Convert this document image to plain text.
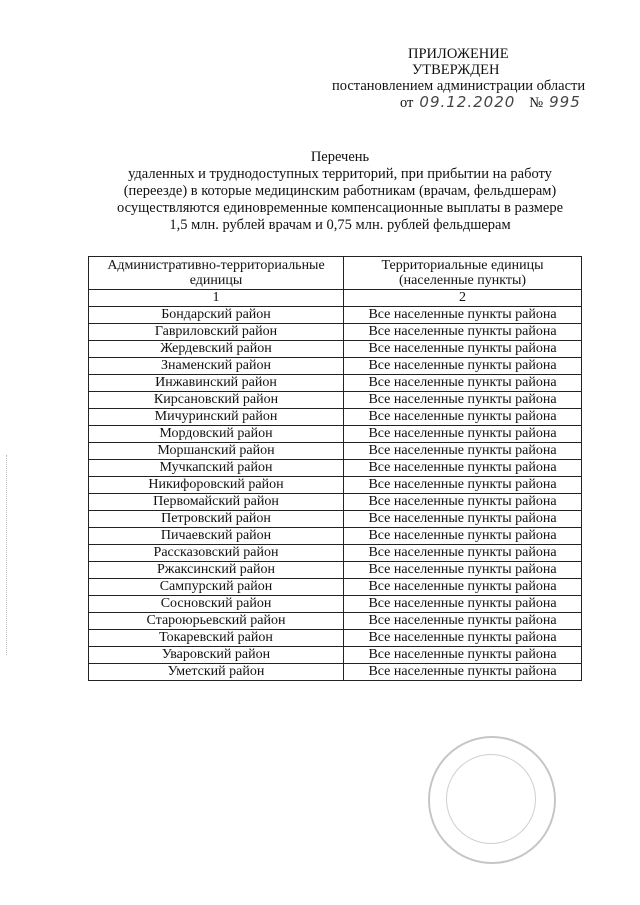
ПРИЛОЖЕНИЕ
УТВЕРЖДЕН
постановлением администрации области
от 09.12.2020 № 995
Перечень
удаленных и труднодоступных территорий, при прибытии на работу
(переезде) в которые медицинским работникам (врачам, фельдшерам)
осуществляются единовременные компенсационные выплаты в размере
1,5 млн. рублей врачам и 0,75 млн. рублей фельдшерам
Административно-территориальные единицы	Территориальные единицы (населенные пункты)
1	2
Бондарский район	Все населенные пункты района
Гавриловский район	Все населенные пункты района
Жердевский район	Все населенные пункты района
Знаменский район	Все населенные пункты района
Инжавинский район	Все населенные пункты района
Кирсановский район	Все населенные пункты района
Мичуринский район	Все населенные пункты района
Мордовский район	Все населенные пункты района
Моршанский район	Все населенные пункты района
Мучкапский район	Все населенные пункты района
Никифоровский район	Все населенные пункты района
Первомайский район	Все населенные пункты района
Петровский район	Все населенные пункты района
Пичаевский район	Все населенные пункты района
Рассказовский район	Все населенные пункты района
Ржаксинский район	Все населенные пункты района
Сампурский район	Все населенные пункты района
Сосновский район	Все населенные пункты района
Староюрьевский район	Все населенные пункты района
Токаревский район	Все населенные пункты района
Уваровский район	Все населенные пункты района
Уметский район	Все населенные пункты района
